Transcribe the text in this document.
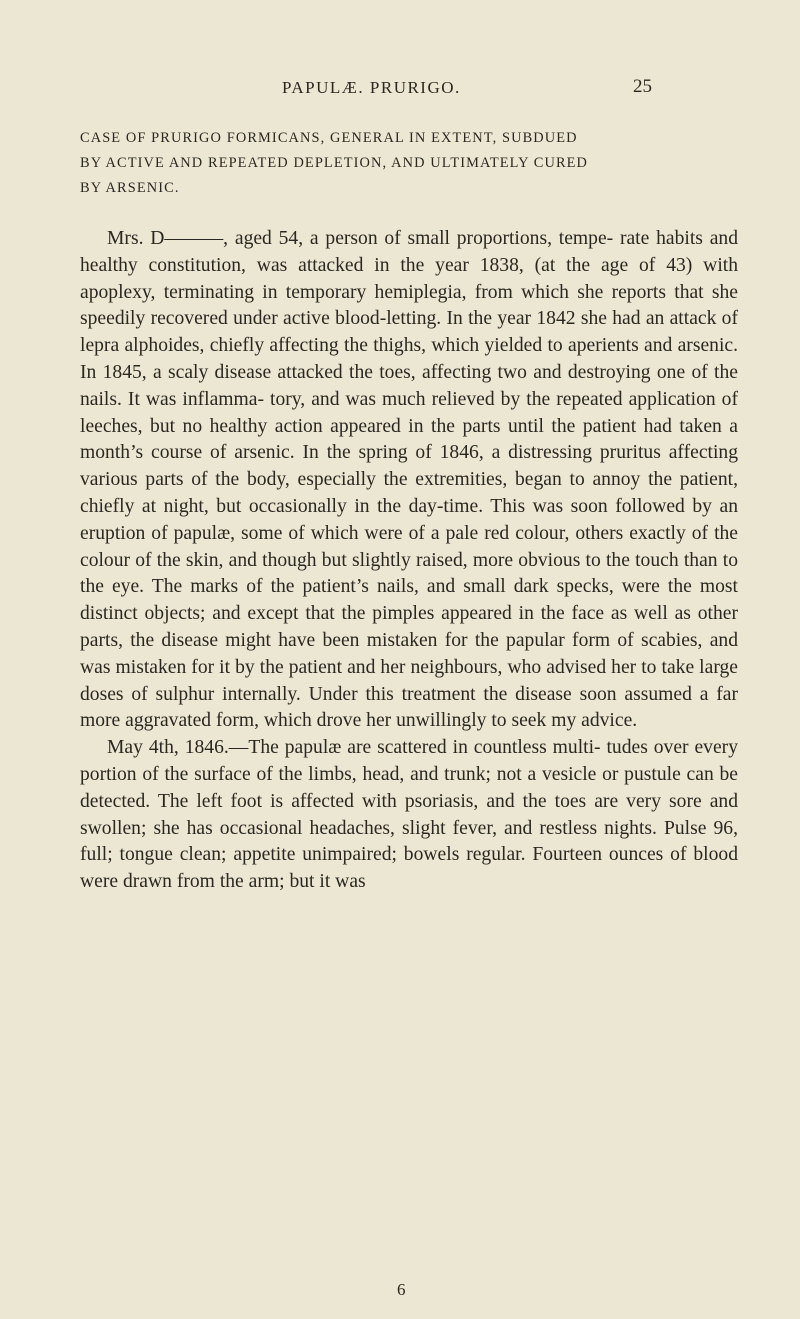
PAPULÆ. PRURIGO.	25
CASE OF PRURIGO FORMICANS, GENERAL IN EXTENT, SUBDUED
BY ACTIVE AND REPEATED DEPLETION, AND ULTIMATELY CURED
BY ARSENIC.

Mrs. D———, aged 54, a person of small proportions, tempe- rate habits and healthy constitution, was attacked in the year 1838, (at the age of 43) with apoplexy, terminating in temporary hemiplegia, from which she reports that she speedily recovered under active blood-letting. In the year 1842 she had an attack of lepra alphoides, chiefly affecting the thighs, which yielded to aperients and arsenic. In 1845, a scaly disease attacked the toes, affecting two and destroying one of the nails. It was inflamma- tory, and was much relieved by the repeated application of leeches, but no healthy action appeared in the parts until the patient had taken a month’s course of arsenic. In the spring of 1846, a distressing pruritus affecting various parts of the body, especially the extremities, began to annoy the patient, chiefly at night, but occasionally in the day-time. This was soon followed by an eruption of papulæ, some of which were of a pale red colour, others exactly of the colour of the skin, and though but slightly raised, more obvious to the touch than to the eye. The marks of the patient’s nails, and small dark specks, were the most distinct objects; and except that the pimples appeared in the face as well as other parts, the disease might have been mistaken for the papular form of scabies, and was mistaken for it by the patient and her neighbours, who advised her to take large doses of sulphur internally. Under this treatment the disease soon assumed a far more aggravated form, which drove her unwillingly to seek my advice.

May 4th, 1846.—The papulæ are scattered in countless multi- tudes over every portion of the surface of the limbs, head, and trunk; not a vesicle or pustule can be detected. The left foot is affected with psoriasis, and the toes are very sore and swollen; she has occasional headaches, slight fever, and restless nights. Pulse 96, full; tongue clean; appetite unimpaired; bowels regular. Fourteen ounces of blood were drawn from the arm; but it was

6
